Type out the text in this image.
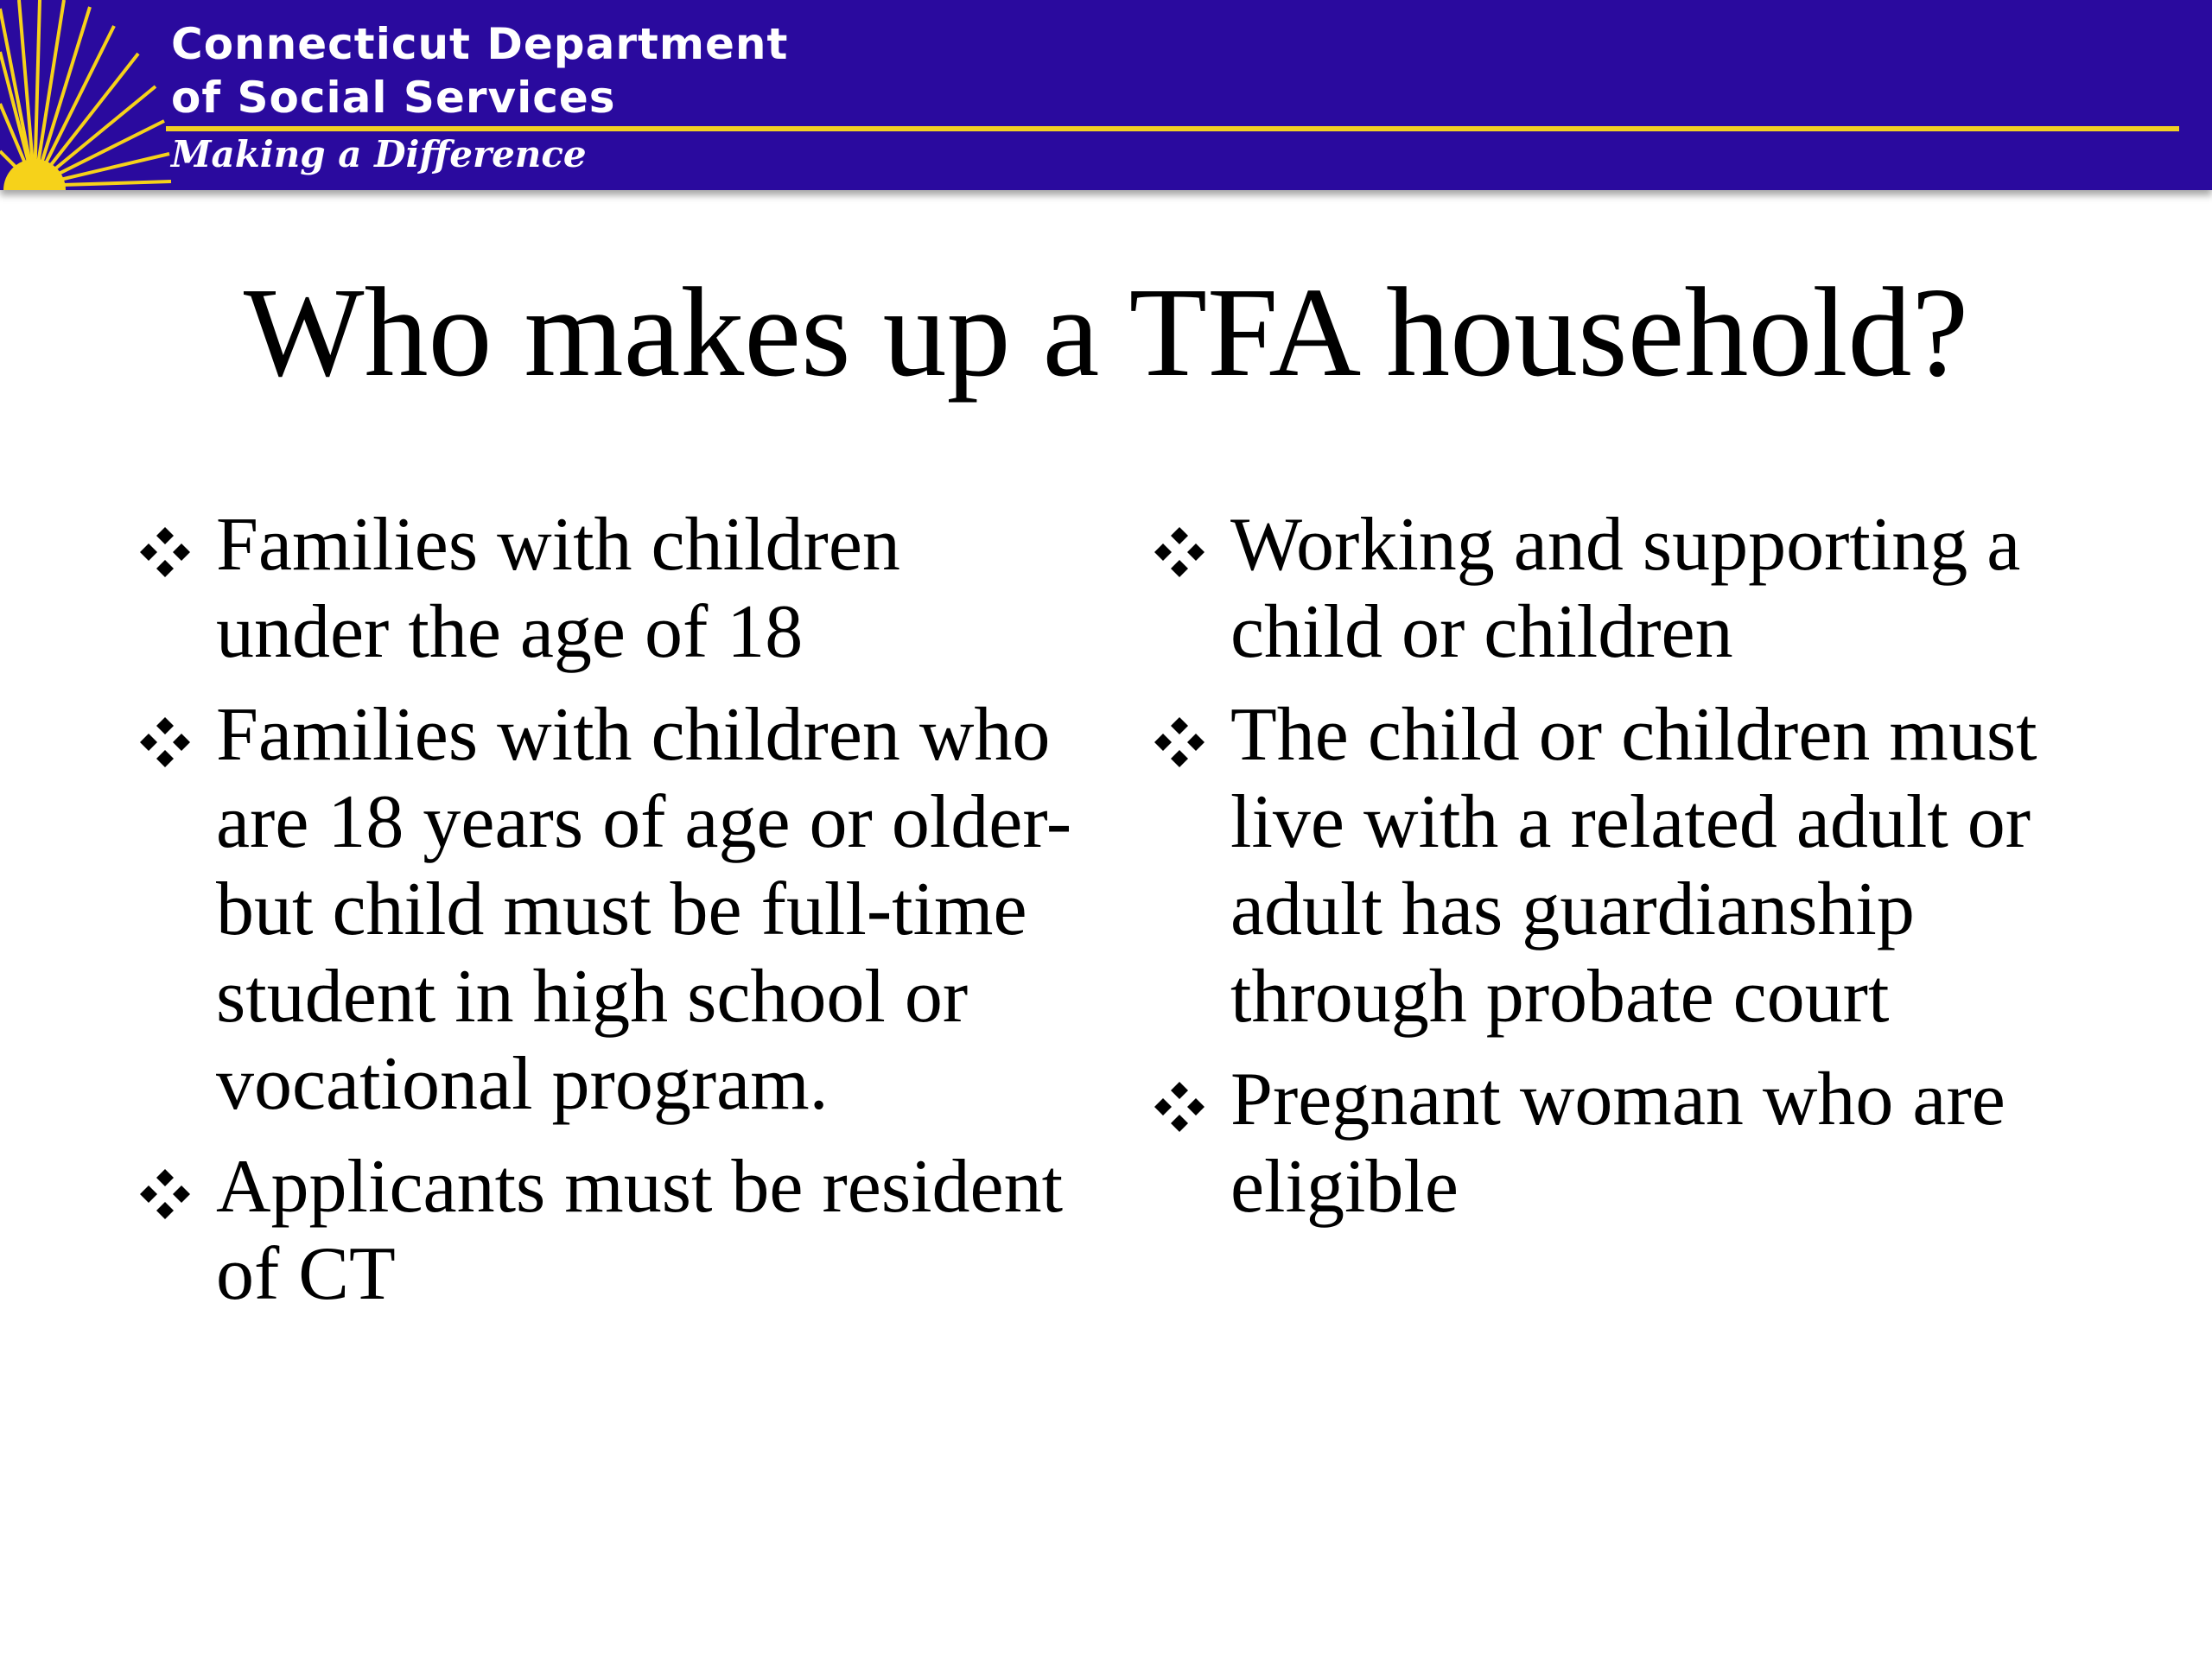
Connecticut Department
of Social Services
Making a Difference
Who makes up a TFA household?
Families with children under the age of 18
Families with children who are 18 years of age or older-but child must be full-time student in high school or vocational program.
Applicants must be resident of CT
Working and supporting a child or children
The child or children must live with a related adult or adult has guardianship through probate court
Pregnant woman who are eligible
